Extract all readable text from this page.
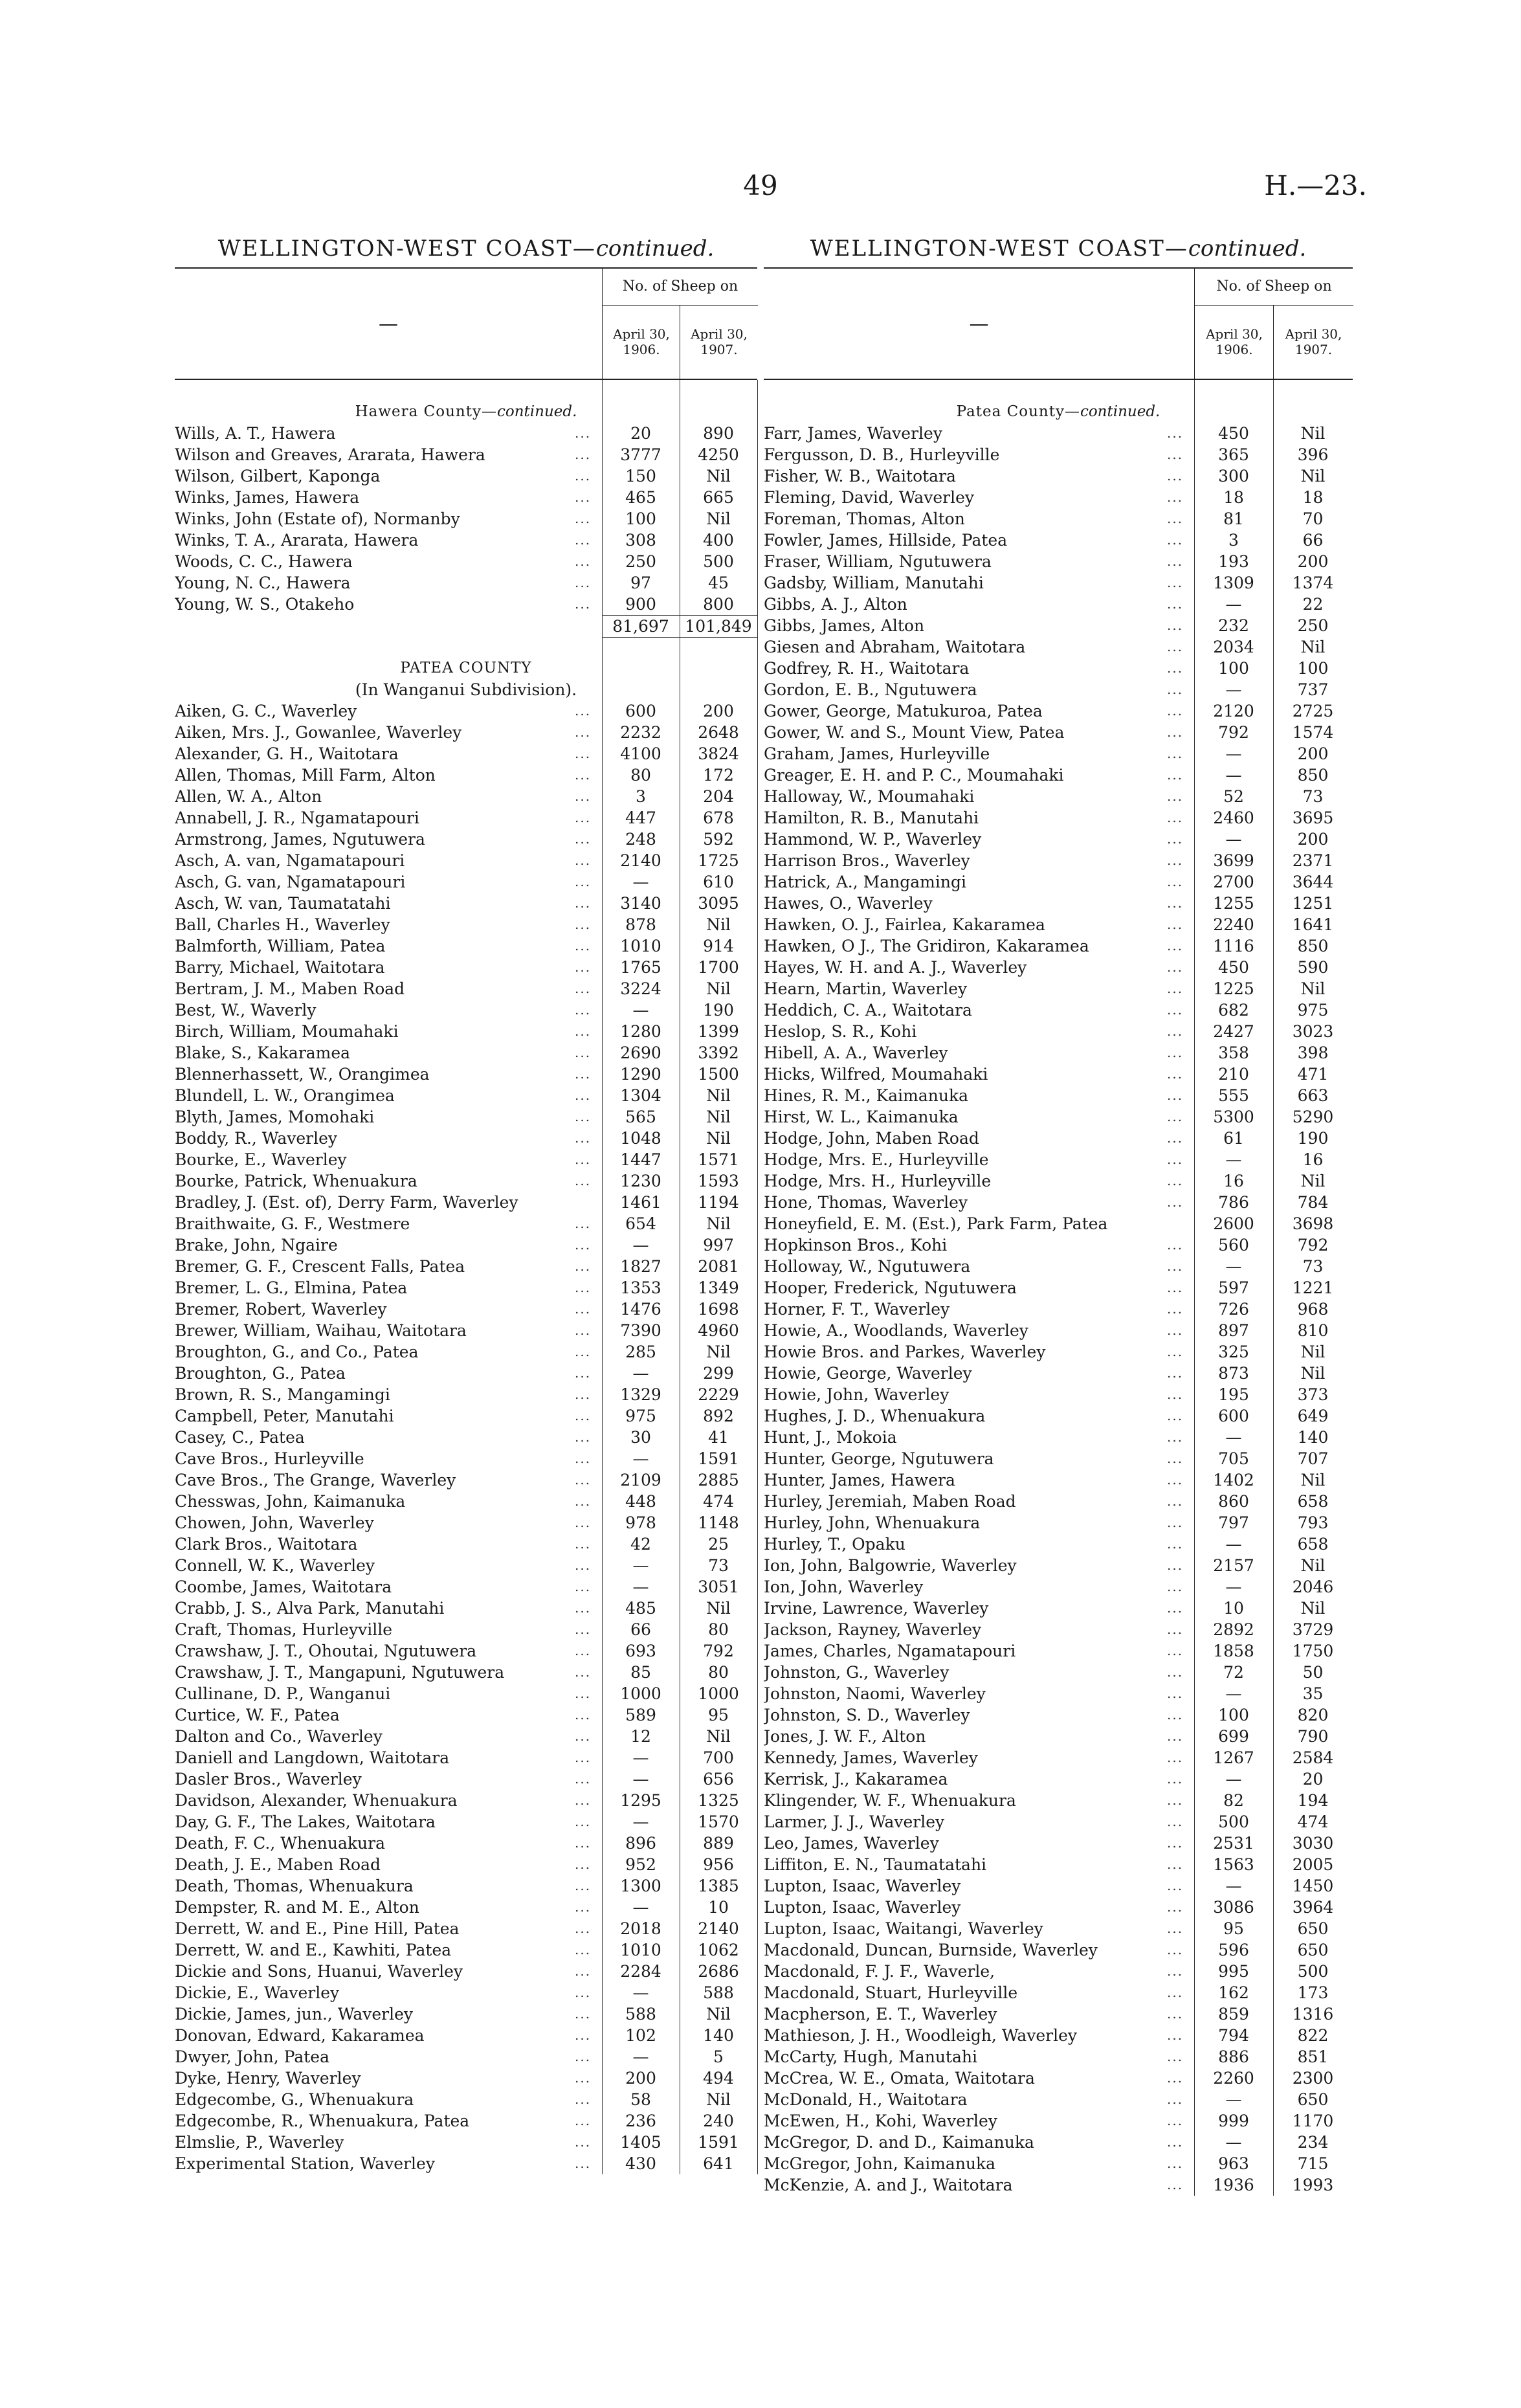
49	H.—23.
WELLINGTON-WEST COAST—continued.
—
No. of Sheep on
April 30,
1906.
April 30,
1907.
Hawera County—continued.
Wills, A. T., Hawera	...	20	890
Wilson and Greaves, Ararata, Hawera	...	3777	4250
Wilson, Gilbert, Kaponga	...	150	Nil
Winks, James, Hawera	...	465	665
Winks, John (Estate of), Normanby	...	100	Nil
Winks, T. A., Ararata, Hawera	...	308	400
Woods, C. C., Hawera	...	250	500
Young, N. C., Hawera	...	97	45
Young, W. S., Otakeho	...	900	800
81,697 101,849
PATEA COUNTY
(In Wanganui Subdivision).
Aiken, G. C., Waverley	...	600	200
Aiken, Mrs. J., Gowanlee, Waverley	...	2232	2648
Alexander, G. H., Waitotara	...	4100	3824
Allen, Thomas, Mill Farm, Alton	...	80	172
Allen, W. A., Alton	...	3	204
Annabell, J. R., Ngamatapouri	...	447	678
Armstrong, James, Ngutuwera	...	248	592
Asch, A. van, Ngamatapouri	...	2140	1725
Asch, G. van, Ngamatapouri	...	—	610
Asch, W. van, Taumatatahi	...	3140	3095
Ball, Charles H., Waverley	...	878	Nil
Balmforth, William, Patea	...	1010	914
Barry, Michael, Waitotara	...	1765	1700
Bertram, J. M., Maben Road	...	3224	Nil
Best, W., Waverly	...	—	190
Birch, William, Moumahaki	...	1280	1399
Blake, S., Kakaramea	...	2690	3392
Blennerhassett, W., Orangimea	...	1290	1500
Blundell, L. W., Orangimea	...	1304	Nil
Blyth, James, Momohaki	...	565	Nil
Boddy, R., Waverley	...	1048	Nil
Bourke, E., Waverley	...	1447	1571
Bourke, Patrick, Whenuakura	...	1230	1593
Bradley, J. (Est. of), Derry Farm, Waverley	1461	1194
Braithwaite, G. F., Westmere	...	654	Nil
Brake, John, Ngaire	...	—	997
Bremer, G. F., Crescent Falls, Patea	...	1827	2081
Bremer, L. G., Elmina, Patea	...	1353	1349
Bremer, Robert, Waverley	...	1476	1698
Brewer, William, Waihau, Waitotara	...	7390	4960
Broughton, G., and Co., Patea	...	285	Nil
Broughton, G., Patea	...	—	299
Brown, R. S., Mangamingi	...	1329	2229
Campbell, Peter, Manutahi	...	975	892
Casey, C., Patea	...	30	41
Cave Bros., Hurleyville	...	—	1591
Cave Bros., The Grange, Waverley	...	2109	2885
Chesswas, John, Kaimanuka	...	448	474
Chowen, John, Waverley	...	978	1148
Clark Bros., Waitotara	...	42	25
Connell, W. K., Waverley	...	—	73
Coombe, James, Waitotara	...	—	3051
Crabb, J. S., Alva Park, Manutahi	...	485	Nil
Craft, Thomas, Hurleyville	...	66	80
Crawshaw, J. T., Ohoutai, Ngutuwera	...	693	792
Crawshaw, J. T., Mangapuni, Ngutuwera	...	85	80
Cullinane, D. P., Wanganui	...	1000	1000
Curtice, W. F., Patea	...	589	95
Dalton and Co., Waverley	...	12	Nil
Daniell and Langdown, Waitotara	...	—	700
Dasler Bros., Waverley	...	—	656
Davidson, Alexander, Whenuakura	...	1295	1325
Day, G. F., The Lakes, Waitotara	...	—	1570
Death, F. C., Whenuakura	...	896	889
Death, J. E., Maben Road	...	952	956
Death, Thomas, Whenuakura	...	1300	1385
Dempster, R. and M. E., Alton	...	—	10
Derrett, W. and E., Pine Hill, Patea	...	2018	2140
Derrett, W. and E., Kawhiti, Patea	...	1010	1062
Dickie and Sons, Huanui, Waverley	...	2284	2686
Dickie, E., Waverley	...	—	588
Dickie, James, jun., Waverley	...	588	Nil
Donovan, Edward, Kakaramea	...	102	140
Dwyer, John, Patea	...	—	5
Dyke, Henry, Waverley	...	200	494
Edgecombe, G., Whenuakura	...	58	Nil
Edgecombe, R., Whenuakura, Patea	...	236	240
Elmslie, P., Waverley	...	1405	1591
Experimental Station, Waverley	...	430	641
WELLINGTON-WEST COAST—continued.
—
No. of Sheep on
April 30,
1906.
April 30,
1907.
Patea County—continued.
Farr, James, Waverley	...	450	Nil
Fergusson, D. B., Hurleyville	...	365	396
Fisher, W. B., Waitotara	...	300	Nil
Fleming, David, Waverley	...	18	18
Foreman, Thomas, Alton	...	81	70
Fowler, James, Hillside, Patea	...	3	66
Fraser, William, Ngutuwera	...	193	200
Gadsby, William, Manutahi	...	1309	1374
Gibbs, A. J., Alton	...	—	22
Gibbs, James, Alton	...	232	250
Giesen and Abraham, Waitotara	...	2034	Nil
Godfrey, R. H., Waitotara	...	100	100
Gordon, E. B., Ngutuwera	...	—	737
Gower, George, Matukuroa, Patea	...	2120	2725
Gower, W. and S., Mount View, Patea	...	792	1574
Graham, James, Hurleyville	...	—	200
Greager, E. H. and P. C., Moumahaki	...	—	850
Halloway, W., Moumahaki	...	52	73
Hamilton, R. B., Manutahi	...	2460	3695
Hammond, W. P., Waverley	...	—	200
Harrison Bros., Waverley	...	3699	2371
Hatrick, A., Mangamingi	...	2700	3644
Hawes, O., Waverley	...	1255	1251
Hawken, O. J., Fairlea, Kakaramea	...	2240	1641
Hawken, O J., The Gridiron, Kakaramea	...	1116	850
Hayes, W. H. and A. J., Waverley	...	450	590
Hearn, Martin, Waverley	...	1225	Nil
Heddich, C. A., Waitotara	...	682	975
Heslop, S. R., Kohi	...	2427	3023
Hibell, A. A., Waverley	...	358	398
Hicks, Wilfred, Moumahaki	...	210	471
Hines, R. M., Kaimanuka	...	555	663
Hirst, W. L., Kaimanuka	...	5300	5290
Hodge, John, Maben Road	...	61	190
Hodge, Mrs. E., Hurleyville	...	—	16
Hodge, Mrs. H., Hurleyville	...	16	Nil
Hone, Thomas, Waverley	...	786	784
Honeyfield, E. M. (Est.), Park Farm, Patea	2600	3698
Hopkinson Bros., Kohi	...	560	792
Holloway, W., Ngutuwera	...	—	73
Hooper, Frederick, Ngutuwera	...	597	1221
Horner, F. T., Waverley	...	726	968
Howie, A., Woodlands, Waverley	...	897	810
Howie Bros. and Parkes, Waverley	...	325	Nil
Howie, George, Waverley	...	873	Nil
Howie, John, Waverley	...	195	373
Hughes, J. D., Whenuakura	...	600	649
Hunt, J., Mokoia	...	—	140
Hunter, George, Ngutuwera	...	705	707
Hunter, James, Hawera	...	1402	Nil
Hurley, Jeremiah, Maben Road	...	860	658
Hurley, John, Whenuakura	...	797	793
Hurley, T., Opaku	...	—	658
Ion, John, Balgowrie, Waverley	...	2157	Nil
Ion, John, Waverley	...	—	2046
Irvine, Lawrence, Waverley	...	10	Nil
Jackson, Rayney, Waverley	...	2892	3729
James, Charles, Ngamatapouri	...	1858	1750
Johnston, G., Waverley	...	72	50
Johnston, Naomi, Waverley	...	—	35
Johnston, S. D., Waverley	...	100	820
Jones, J. W. F., Alton	...	699	790
Kennedy, James, Waverley	...	1267	2584
Kerrisk, J., Kakaramea	...	—	20
Klingender, W. F., Whenuakura	...	82	194
Larmer, J. J., Waverley	...	500	474
Leo, James, Waverley	...	2531	3030
Liffiton, E. N., Taumatatahi	...	1563	2005
Lupton, Isaac, Waverley	...	—	1450
Lupton, Isaac, Waverley	...	3086	3964
Lupton, Isaac, Waitangi, Waverley	...	95	650
Macdonald, Duncan, Burnside, Waverley	...	596	650
Macdonald, F. J. F., Waverle,	...	995	500
Macdonald, Stuart, Hurleyville	...	162	173
Macpherson, E. T., Waverley	...	859	1316
Mathieson, J. H., Woodleigh, Waverley	...	794	822
McCarty, Hugh, Manutahi	...	886	851
McCrea, W. E., Omata, Waitotara	...	2260	2300
McDonald, H., Waitotara	...	—	650
McEwen, H., Kohi, Waverley	...	999	1170
McGregor, D. and D., Kaimanuka	...	—	234
McGregor, John, Kaimanuka	...	963	715
McKenzie, A. and J., Waitotara	...	1936	1993
